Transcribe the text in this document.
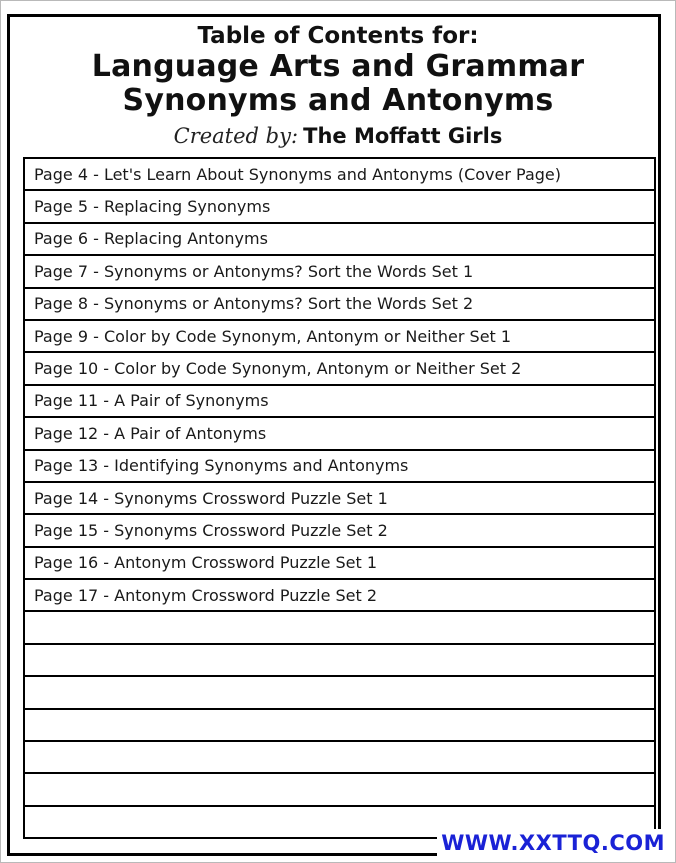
Table of Contents for:
Language Arts and Grammar
Synonyms and Antonyms
Created by: The Moffatt Girls
Page 4 - Let's Learn About Synonyms and Antonyms (Cover Page)
Page 5 - Replacing Synonyms
Page 6 - Replacing Antonyms
Page 7 - Synonyms or Antonyms? Sort the Words Set 1
Page 8 - Synonyms or Antonyms? Sort the Words Set 2
Page 9 - Color by Code Synonym, Antonym or Neither Set 1
Page 10 - Color by Code Synonym, Antonym or Neither Set 2
Page 11 - A Pair of Synonyms
Page 12 - A Pair of Antonyms
Page 13 - Identifying Synonyms and Antonyms
Page 14 - Synonyms Crossword Puzzle Set 1
Page 15 - Synonyms Crossword Puzzle Set 2
Page 16 - Antonym Crossword Puzzle Set 1
Page 17 - Antonym Crossword Puzzle Set 2
WWW.XXTTQ.COM
